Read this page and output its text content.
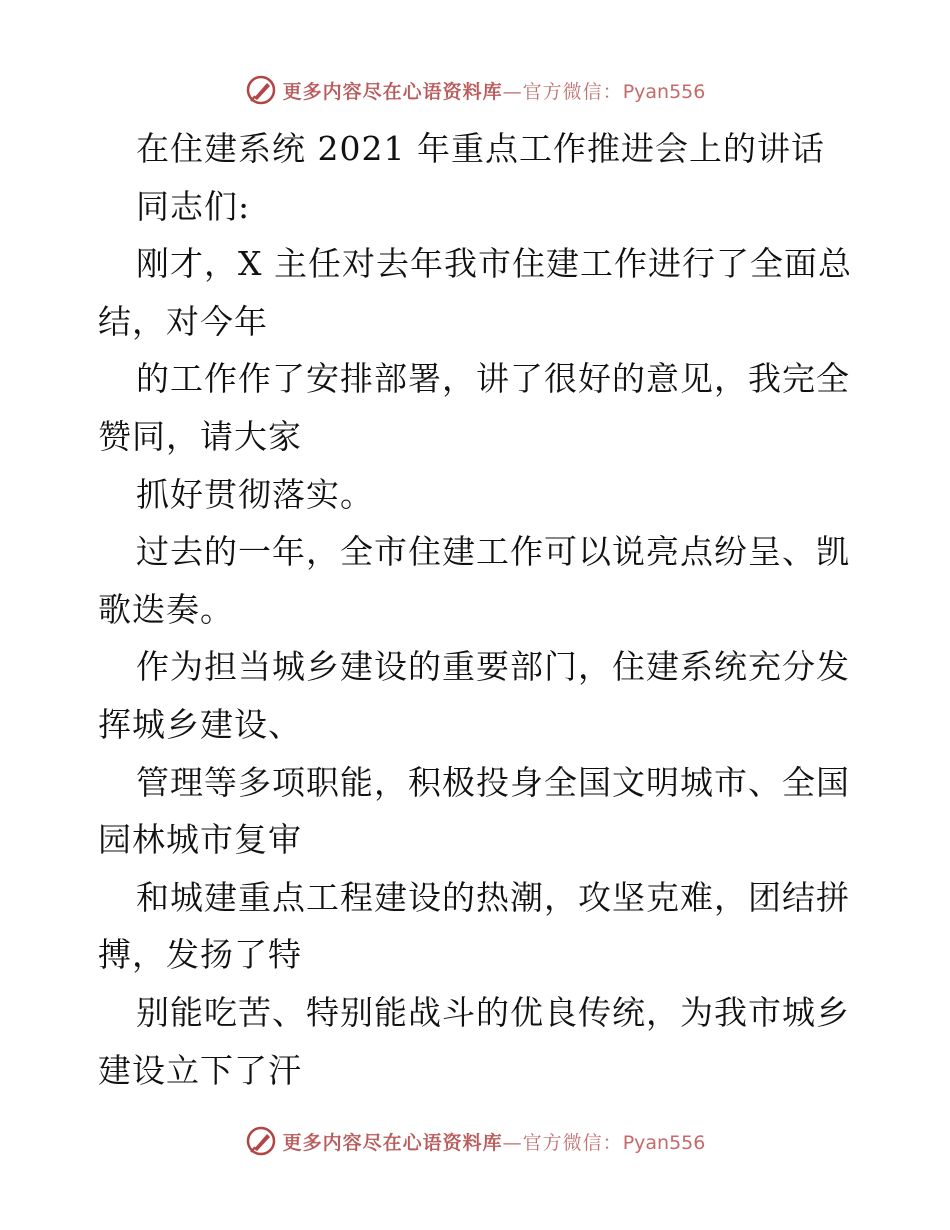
更多内容尽在心语资料库—官方微信：Pyan556
在住建系统 2021 年重点工作推进会上的讲话
同志们:
刚才，X 主任对去年我市住建工作进行了全面总
结，对今年
的工作作了安排部署，讲了很好的意见，我完全
赞同，请大家
抓好贯彻落实。
过去的一年，全市住建工作可以说亮点纷呈、凯
歌迭奏。
作为担当城乡建设的重要部门，住建系统充分发
挥城乡建设、
管理等多项职能，积极投身全国文明城市、全国
园林城市复审
和城建重点工程建设的热潮，攻坚克难，团结拼
搏，发扬了特
别能吃苦、特别能战斗的优良传统，为我市城乡
建设立下了汗
更多内容尽在心语资料库—官方微信：Pyan556
